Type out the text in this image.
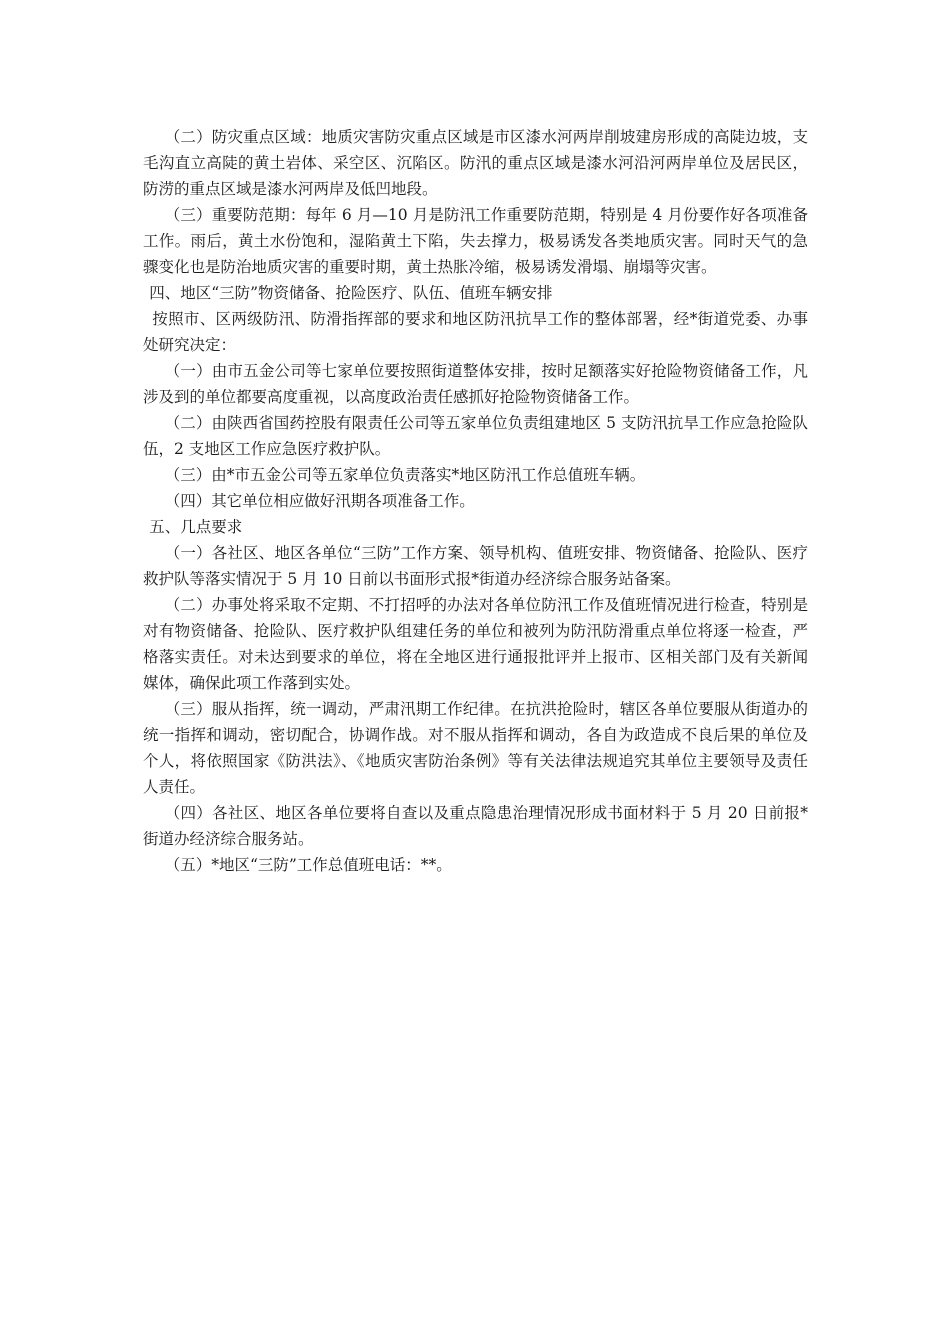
（二）防灾重点区域：地质灾害防灾重点区域是市区漆水河两岸削坡建房形成的高陡边坡，支毛沟直立高陡的黄土岩体、采空区、沉陷区。防汛的重点区域是漆水河沿河两岸单位及居民区，防涝的重点区域是漆水河两岸及低凹地段。

（三）重要防范期：每年 6 月—10 月是防汛工作重要防范期，特别是 4 月份要作好各项准备工作。雨后，黄土水份饱和，湿陷黄土下陷，失去撑力，极易诱发各类地质灾害。同时天气的急骤变化也是防治地质灾害的重要时期，黄土热胀冷缩，极易诱发滑塌、崩塌等灾害。

四、地区“三防”物资储备、抢险医疗、队伍、值班车辆安排

按照市、区两级防汛、防滑指挥部的要求和地区防汛抗旱工作的整体部署，经*街道党委、办事处研究决定：

（一）由市五金公司等七家单位要按照街道整体安排，按时足额落实好抢险物资储备工作，凡涉及到的单位都要高度重视，以高度政治责任感抓好抢险物资储备工作。

（二）由陕西省国药控股有限责任公司等五家单位负责组建地区 5 支防汛抗旱工作应急抢险队伍，2 支地区工作应急医疗救护队。

（三）由*市五金公司等五家单位负责落实*地区防汛工作总值班车辆。

（四）其它单位相应做好汛期各项准备工作。

五、几点要求

（一）各社区、地区各单位“三防”工作方案、领导机构、值班安排、物资储备、抢险队、医疗救护队等落实情况于 5 月 10 日前以书面形式报*街道办经济综合服务站备案。

（二）办事处将采取不定期、不打招呼的办法对各单位防汛工作及值班情况进行检查，特别是对有物资储备、抢险队、医疗救护队组建任务的单位和被列为防汛防滑重点单位将逐一检查，严格落实责任。对未达到要求的单位，将在全地区进行通报批评并上报市、区相关部门及有关新闻媒体，确保此项工作落到实处。

（三）服从指挥，统一调动，严肃汛期工作纪律。在抗洪抢险时，辖区各单位要服从街道办的统一指挥和调动，密切配合，协调作战。对不服从指挥和调动，各自为政造成不良后果的单位及个人，将依照国家《防洪法》、《地质灾害防治条例》等有关法律法规追究其单位主要领导及责任人责任。

（四）各社区、地区各单位要将自查以及重点隐患治理情况形成书面材料于 5 月 20 日前报*街道办经济综合服务站。

（五）*地区“三防”工作总值班电话：**。
